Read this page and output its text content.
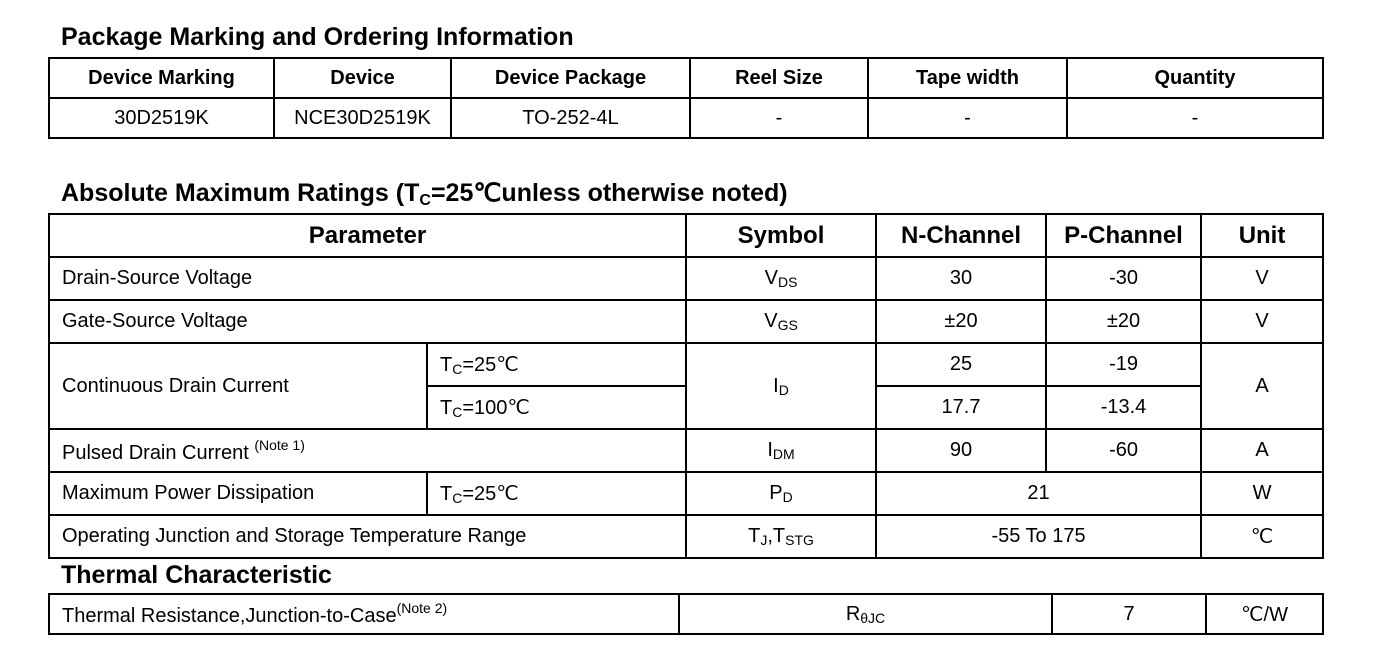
Package Marking and Ordering Information
Device Marking	Device	Device Package	Reel Size	Tape width	Quantity
30D2519K	NCE30D2519K	TO-252-4L	-	-	-
Absolute Maximum Ratings ($T_C=25℃unless$ otherwise noted)
Parameter		Symbol	N-Channel	P-Channel	Unit
Drain-Source Voltage		$V_{DS}$	30	-30	V
Gate-Source Voltage		$V_{GS}$	±20	±20	V
Continuous Drain Current	$T_C=25℃$	$I_D$	25	-19	A
	$T_C=100℃$		17.7	-13.4	
Pulsed Drain Current $^{(Note 1)}$		$I_{DM}$	90	-60	A
Maximum Power Dissipation	$T_C=25℃$	$P_D$	21		W
Operating Junction and Storage Temperature Range		$T_J,T_{STG}$	-55 To 175		℃
Thermal Characteristic
Thermal Resistance,Junction-to-Case$^{(Note 2)}$	$R_{\theta JC}$	7	℃/W
